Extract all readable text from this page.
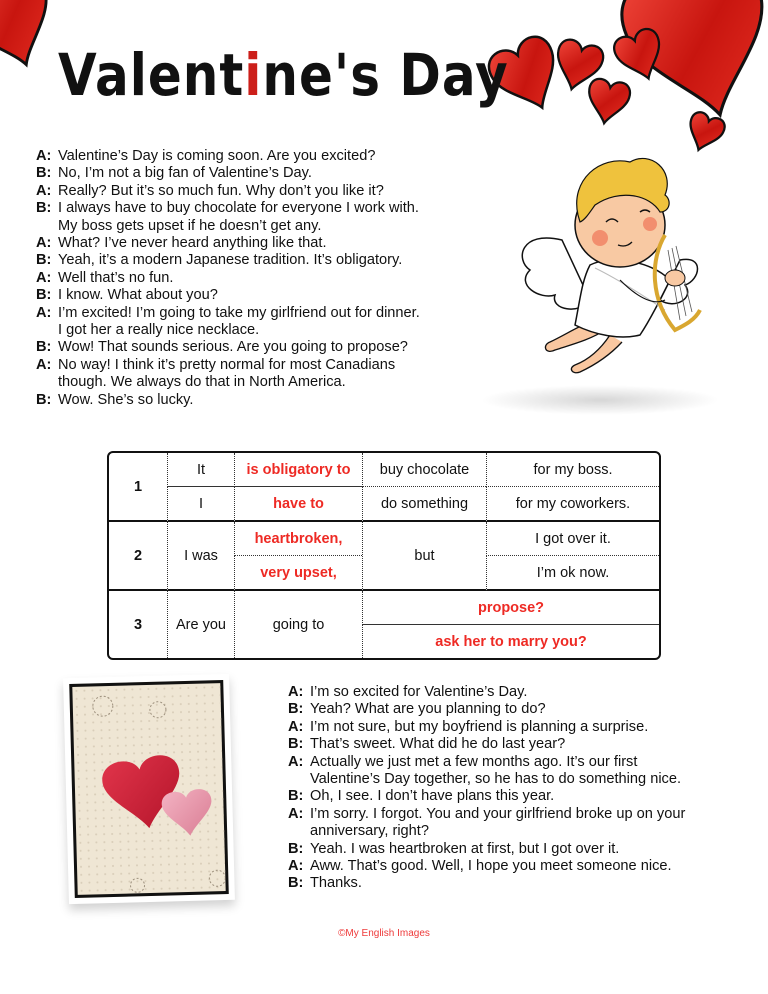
Valentine's Day
A: Valentine’s Day is coming soon. Are you excited?
B: No, I’m not a big fan of Valentine’s Day.
A: Really? But it’s so much fun. Why don’t you like it?
B: I always have to buy chocolate for everyone I work with.
My boss gets upset if he doesn’t get any.
A: What? I’ve never heard anything like that.
B: Yeah, it’s a modern Japanese tradition. It’s obligatory.
A: Well that’s no fun.
B: I know. What about you?
A: I’m excited! I’m going to take my girlfriend out for dinner.
I got her a really nice necklace.
B: Wow! That sounds serious. Are you going to propose?
A: No way! I think it’s pretty normal for most Canadians
though. We always do that in North America.
B: Wow. She’s so lucky.
1	It	is obligatory to	buy chocolate	for my boss.
	I	have to	do something	for my coworkers.
2	I was	heartbroken,	but	I got over it.
		very upset,		I’m ok now.
3	Are you	going to	propose?	
			ask her to marry you?	
A: I’m so excited for Valentine’s Day.
B: Yeah? What are you planning to do?
A: I’m not sure, but my boyfriend is planning a surprise.
B: That’s sweet. What did he do last year?
A: Actually we just met a few months ago. It’s our first
Valentine’s Day together, so he has to do something nice.
B: Oh, I see. I don’t have plans this year.
A: I’m sorry. I forgot. You and your girlfriend broke up on your
anniversary, right?
B: Yeah. I was heartbroken at first, but I got over it.
A: Aww. That’s good. Well, I hope you meet someone nice.
B: Thanks.
©My English Images
